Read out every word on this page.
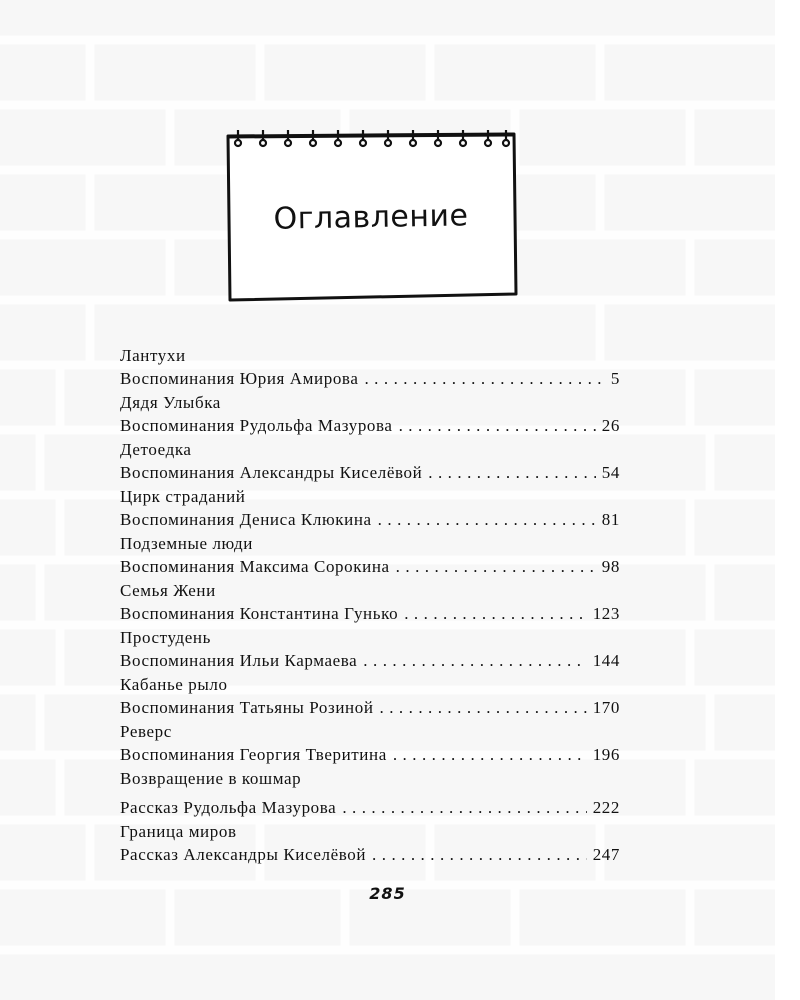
Оглавление
Лантухи
Воспоминания Юрия Амирова . . .	5
Дядя Улыбка
Воспоминания Рудольфа Мазурова . . .	26
Детоедка
Воспоминания Александры Киселёвой . . .	54
Цирк страданий
Воспоминания Дениса Клюкина . . .	81
Подземные люди
Воспоминания Максима Сорокина . . .	98
Семья Жени
Воспоминания Константина Гунько . . .	123
Простудень
Воспоминания Ильи Кармаева . . .	144
Кабанье рыло
Воспоминания Татьяны Розиной . . .	170
Реверс
Воспоминания Георгия Тверитина . . .	196
Возвращение в кошмар
Рассказ Рудольфа Мазурова . . .	222
Граница миров
Рассказ Александры Киселёвой . . .	247
285
